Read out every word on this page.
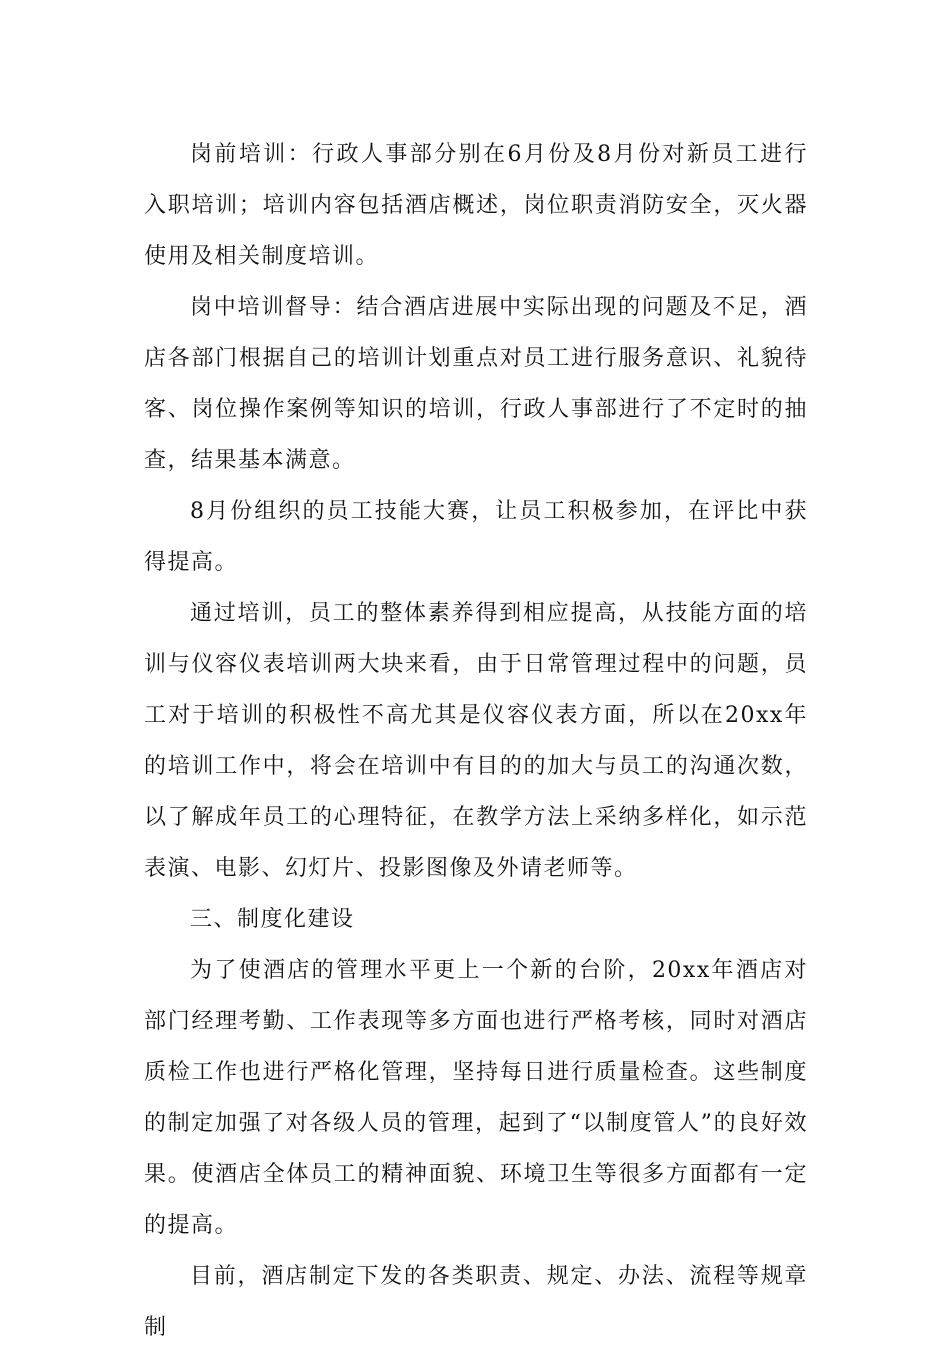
岗前培训：行政人事部分别在6月份及8月份对新员工进行入职培训；培训内容包括酒店概述，岗位职责消防安全，灭火器使用及相关制度培训。

岗中培训督导：结合酒店进展中实际出现的问题及不足，酒店各部门根据自己的培训计划重点对员工进行服务意识、礼貌待客、岗位操作案例等知识的培训，行政人事部进行了不定时的抽查，结果基本满意。

8月份组织的员工技能大赛，让员工积极参加，在评比中获得提高。

通过培训，员工的整体素养得到相应提高，从技能方面的培训与仪容仪表培训两大块来看，由于日常管理过程中的问题，员工对于培训的积极性不高尤其是仪容仪表方面，所以在20xx年的培训工作中，将会在培训中有目的的加大与员工的沟通次数，以了解成年员工的心理特征，在教学方法上采纳多样化，如示范表演、电影、幻灯片、投影图像及外请老师等。

三、制度化建设

为了使酒店的管理水平更上一个新的台阶，20xx年酒店对部门经理考勤、工作表现等多方面也进行严格考核，同时对酒店质检工作也进行严格化管理，坚持每日进行质量检查。这些制度的制定加强了对各级人员的管理，起到了“以制度管人”的良好效果。使酒店全体员工的精神面貌、环境卫生等很多方面都有一定的提高。

目前，酒店制定下发的各类职责、规定、办法、流程等规章制
